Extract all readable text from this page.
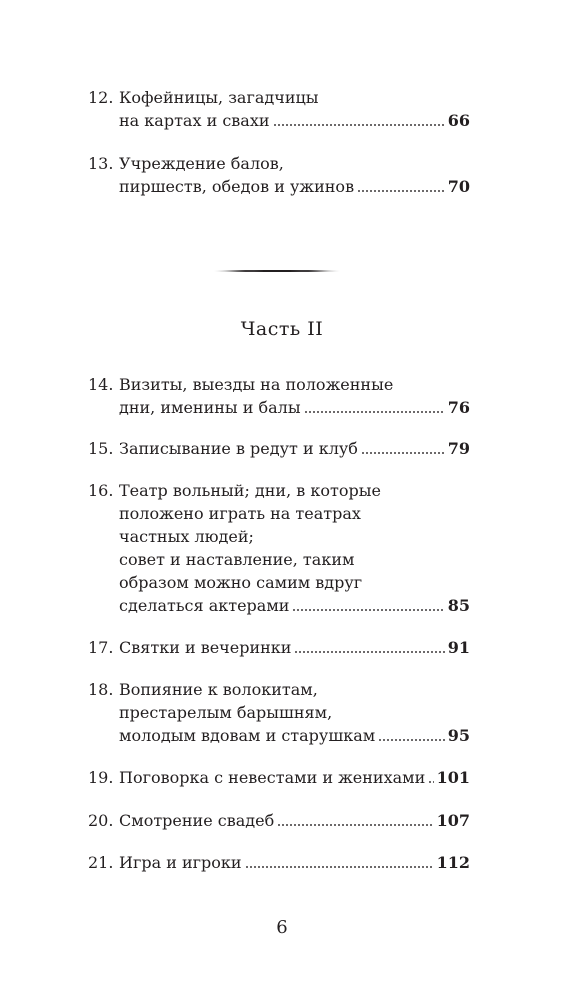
12. Кофейницы, загадчицы
на картах и свахи	66
13. Учреждение балов,
пиршеств, обедов и ужинов	70
Часть II
14. Визиты, выезды на положенные
дни, именины и балы	76
15. Записывание в редут и клуб	79
16. Театр вольный; дни, в которые
положено играть на театрах
частных людей;
совет и наставление, таким
образом можно самим вдруг
сделаться актерами	85
17. Святки и вечеринки	91
18. Вопияние к волокитам,
престарелым барышням,
молодым вдовам и старушкам	95
19. Поговорка с невестами и женихами 101
20. Смотрение свадеб	107
21. Игра и игроки	112
6
